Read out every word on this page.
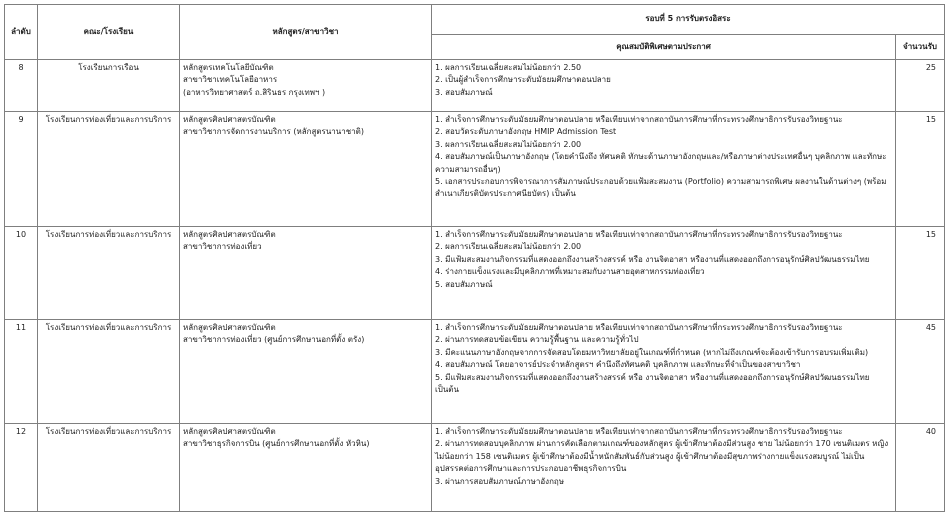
ลำดับ	คณะ/โรงเรียน	หลักสูตร/สาขาวิชา	รอบที่ 5 การรับตรงอิสระ	
			คุณสมบัติพิเศษตามประกาศ	จำนวนรับ
8	โรงเรียนการเรือน	หลักสูตรเทคโนโลยีบัณฑิต
สาขาวิชาเทคโนโลยีอาหาร
(อาหารวิทยาศาสตร์ ถ.สิรินธร กรุงเทพฯ )	1. ผลการเรียนเฉลี่ยสะสมไม่น้อยกว่า 2.50
2. เป็นผู้สำเร็จการศึกษาระดับมัธยมศึกษาตอนปลาย
3. สอบสัมภาษณ์	25
9	โรงเรียนการท่องเที่ยวและการบริการ	หลักสูตรศิลปศาสตรบัณฑิต
สาขาวิชาการจัดการงานบริการ (หลักสูตรนานาชาติ)	1. สำเร็จการศึกษาระดับมัธยมศึกษาตอนปลาย หรือเทียบเท่าจากสถาบันการศึกษาที่กระทรวงศึกษาธิการรับรองวิทยฐานะ
2. สอบวัดระดับภาษาอังกฤษ HMIP Admission Test
3. ผลการเรียนเฉลี่ยสะสมไม่น้อยกว่า 2.00
4. สอบสัมภาษณ์เป็นภาษาอังกฤษ (โดยคำนึงถึง ทัศนคติ ทักษะด้านภาษาอังกฤษและ/หรือภาษาต่างประเทศอื่นๆ บุคลิกภาพ และทักษะความสามารถอื่นๆ)
5. เอกสารประกอบการพิจารณาการสัมภาษณ์ประกอบด้วยแฟ้มสะสมงาน (Portfolio) ความสามารถพิเศษ ผลงานในด้านต่างๆ (พร้อมสำเนาเกียรติบัตรประกาศนียบัตร) เป็นต้น	15
10	โรงเรียนการท่องเที่ยวและการบริการ	หลักสูตรศิลปศาสตรบัณฑิต
สาขาวิชาการท่องเที่ยว	1. สำเร็จการศึกษาระดับมัธยมศึกษาตอนปลาย หรือเทียบเท่าจากสถาบันการศึกษาที่กระทรวงศึกษาธิการรับรองวิทยฐานะ
2. ผลการเรียนเฉลี่ยสะสมไม่น้อยกว่า 2.00
3. มีแฟ้มสะสมงานกิจกรรมที่แสดงออกถึงงานสร้างสรรค์ หรือ งานจิตอาสา หรืองานที่แสดงออกถึงการอนุรักษ์ศิลปวัฒนธรรมไทย
4. ร่างกายแข็งแรงและมีบุคลิกภาพที่เหมาะสมกับงานสายอุตสาหกรรมท่องเที่ยว
5. สอบสัมภาษณ์	15
11	โรงเรียนการท่องเที่ยวและการบริการ	หลักสูตรศิลปศาสตรบัณฑิต
สาขาวิชาการท่องเที่ยว (ศูนย์การศึกษานอกที่ตั้ง ตรัง)	1. สำเร็จการศึกษาระดับมัธยมศึกษาตอนปลาย หรือเทียบเท่าจากสถาบันการศึกษาที่กระทรวงศึกษาธิการรับรองวิทยฐานะ
2. ผ่านการทดสอบข้อเขียน ความรู้พื้นฐาน และความรู้ทั่วไป
3. มีคะแนนภาษาอังกฤษจากการจัดสอบโดยมหาวิทยาลัยอยู่ในเกณฑ์ที่กำหนด (หากไม่ถึงเกณฑ์จะต้องเข้ารับการอบรมเพิ่มเติม)
4. สอบสัมภาษณ์ โดยอาจารย์ประจำหลักสูตรฯ คำนึงถึงทัศนคติ บุคลิกภาพ และทักษะที่จำเป็นของสาขาวิชา
5. มีแฟ้มสะสมงานกิจกรรมที่แสดงออกถึงงานสร้างสรรค์ หรือ งานจิตอาสา หรืองานที่แสดงออกถึงการอนุรักษ์ศิลปวัฒนธรรมไทย เป็นต้น	45
12	โรงเรียนการท่องเที่ยวและการบริการ	หลักสูตรศิลปศาสตรบัณฑิต
สาขาวิชาธุรกิจการบิน (ศูนย์การศึกษานอกที่ตั้ง หัวหิน)	1. สำเร็จการศึกษาระดับมัธยมศึกษาตอนปลาย หรือเทียบเท่าจากสถาบันการศึกษาที่กระทรวงศึกษาธิการรับรองวิทยฐานะ
2. ผ่านการทดสอบบุคลิกภาพ ผ่านการคัดเลือกตามเกณฑ์ของหลักสูตร ผู้เข้าศึกษาต้องมีส่วนสูง ชาย ไม่น้อยกว่า 170 เซนติเมตร หญิง ไม่น้อยกว่า 158 เซนติเมตร ผู้เข้าศึกษาต้องมีน้ำหนักสัมพันธ์กับส่วนสูง ผู้เข้าศึกษาต้องมีสุขภาพร่างกายแข็งแรงสมบูรณ์ ไม่เป็นอุปสรรคต่อการศึกษาและการประกอบอาชีพธุรกิจการบิน
3. ผ่านการสอบสัมภาษณ์ภาษาอังกฤษ	40
